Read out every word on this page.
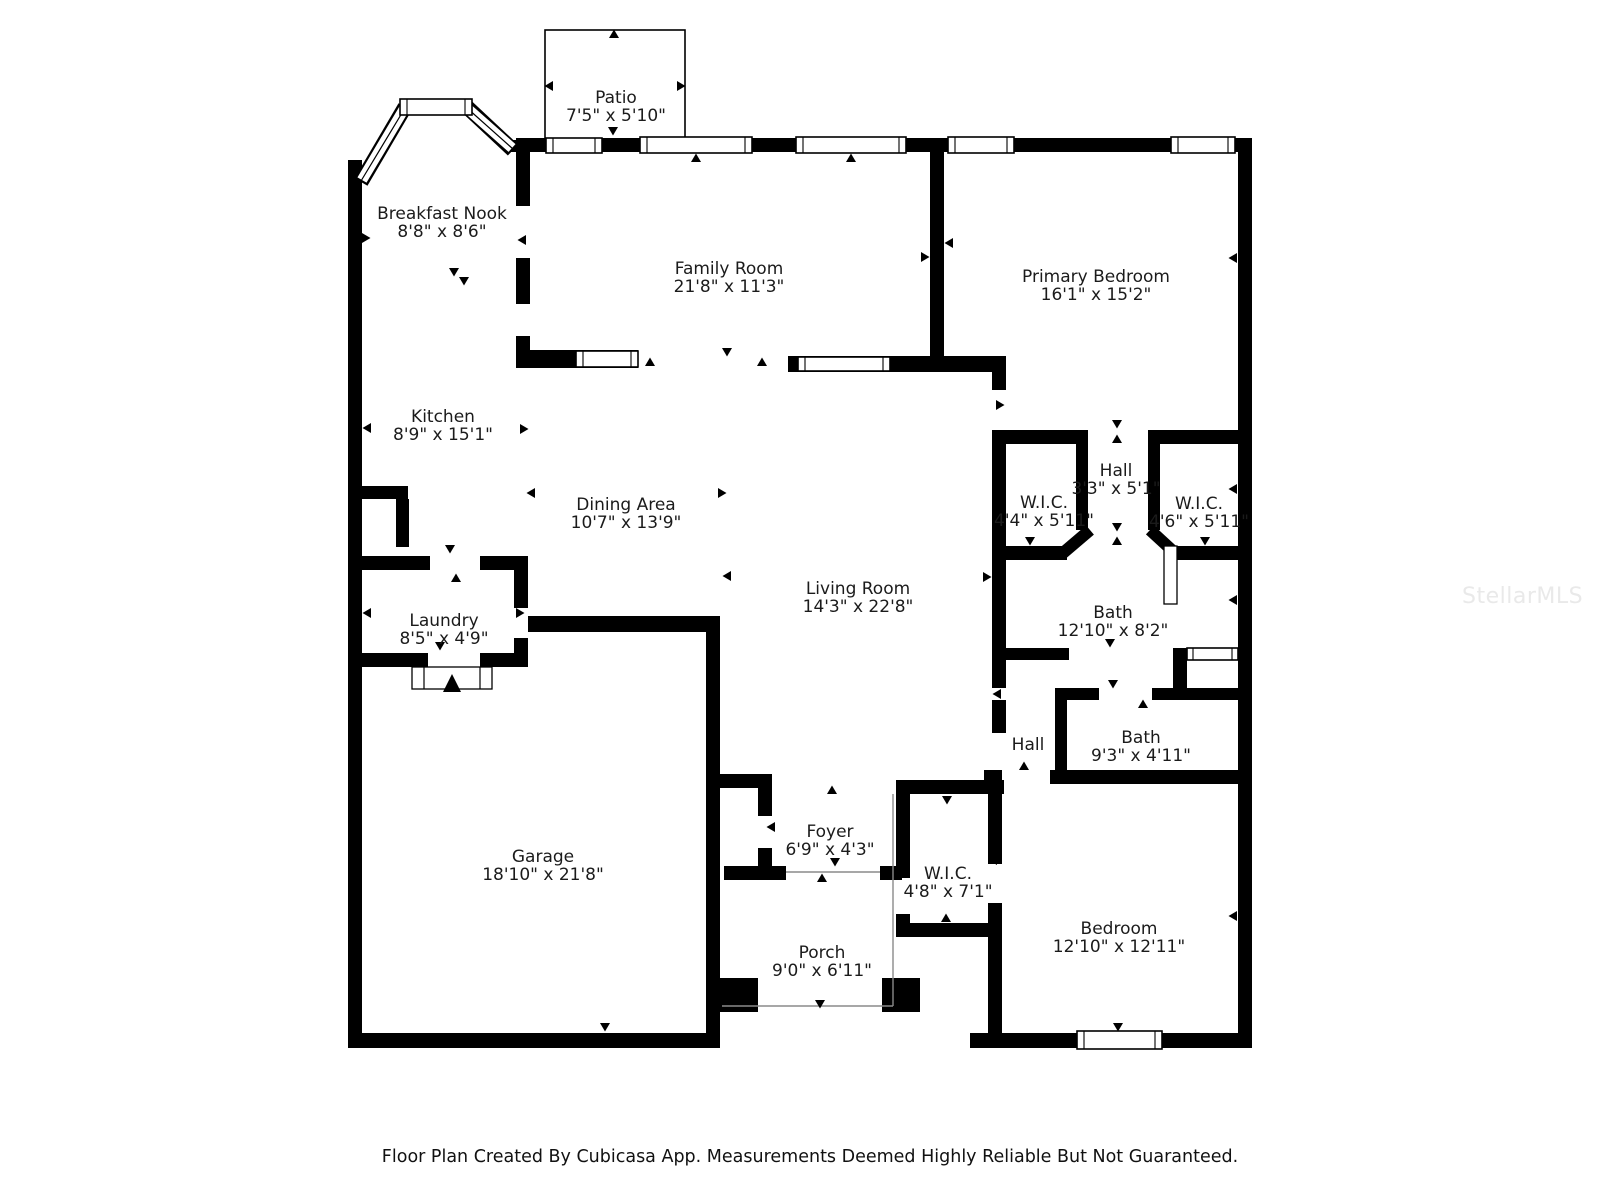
Patio
7'5" x 5'10"
Breakfast Nook
8'8" x 8'6"
Family Room
21'8" x 11'3"
Primary Bedroom
16'1" x 15'2"
Kitchen
8'9" x 15'1"
Dining Area
10'7" x 13'9"
Hall
3'3" x 5'1"
W.I.C.
4'4" x 5'11"
W.I.C.
4'6" x 5'11"
Living Room
14'3" x 22'8"
Laundry
8'5" x 4'9"
Bath
12'10" x 8'2"
Hall	Bath
9'3" x 4'11"
Garage
18'10" x 21'8"
Foyer
6'9" x 4'3"
W.I.C.
4'8" x 7'1"
Porch
9'0" x 6'11"
Bedroom
12'10" x 12'11"
Floor Plan Created By Cubicasa App. Measurements Deemed Highly Reliable But Not Guaranteed.
StellarMLS
